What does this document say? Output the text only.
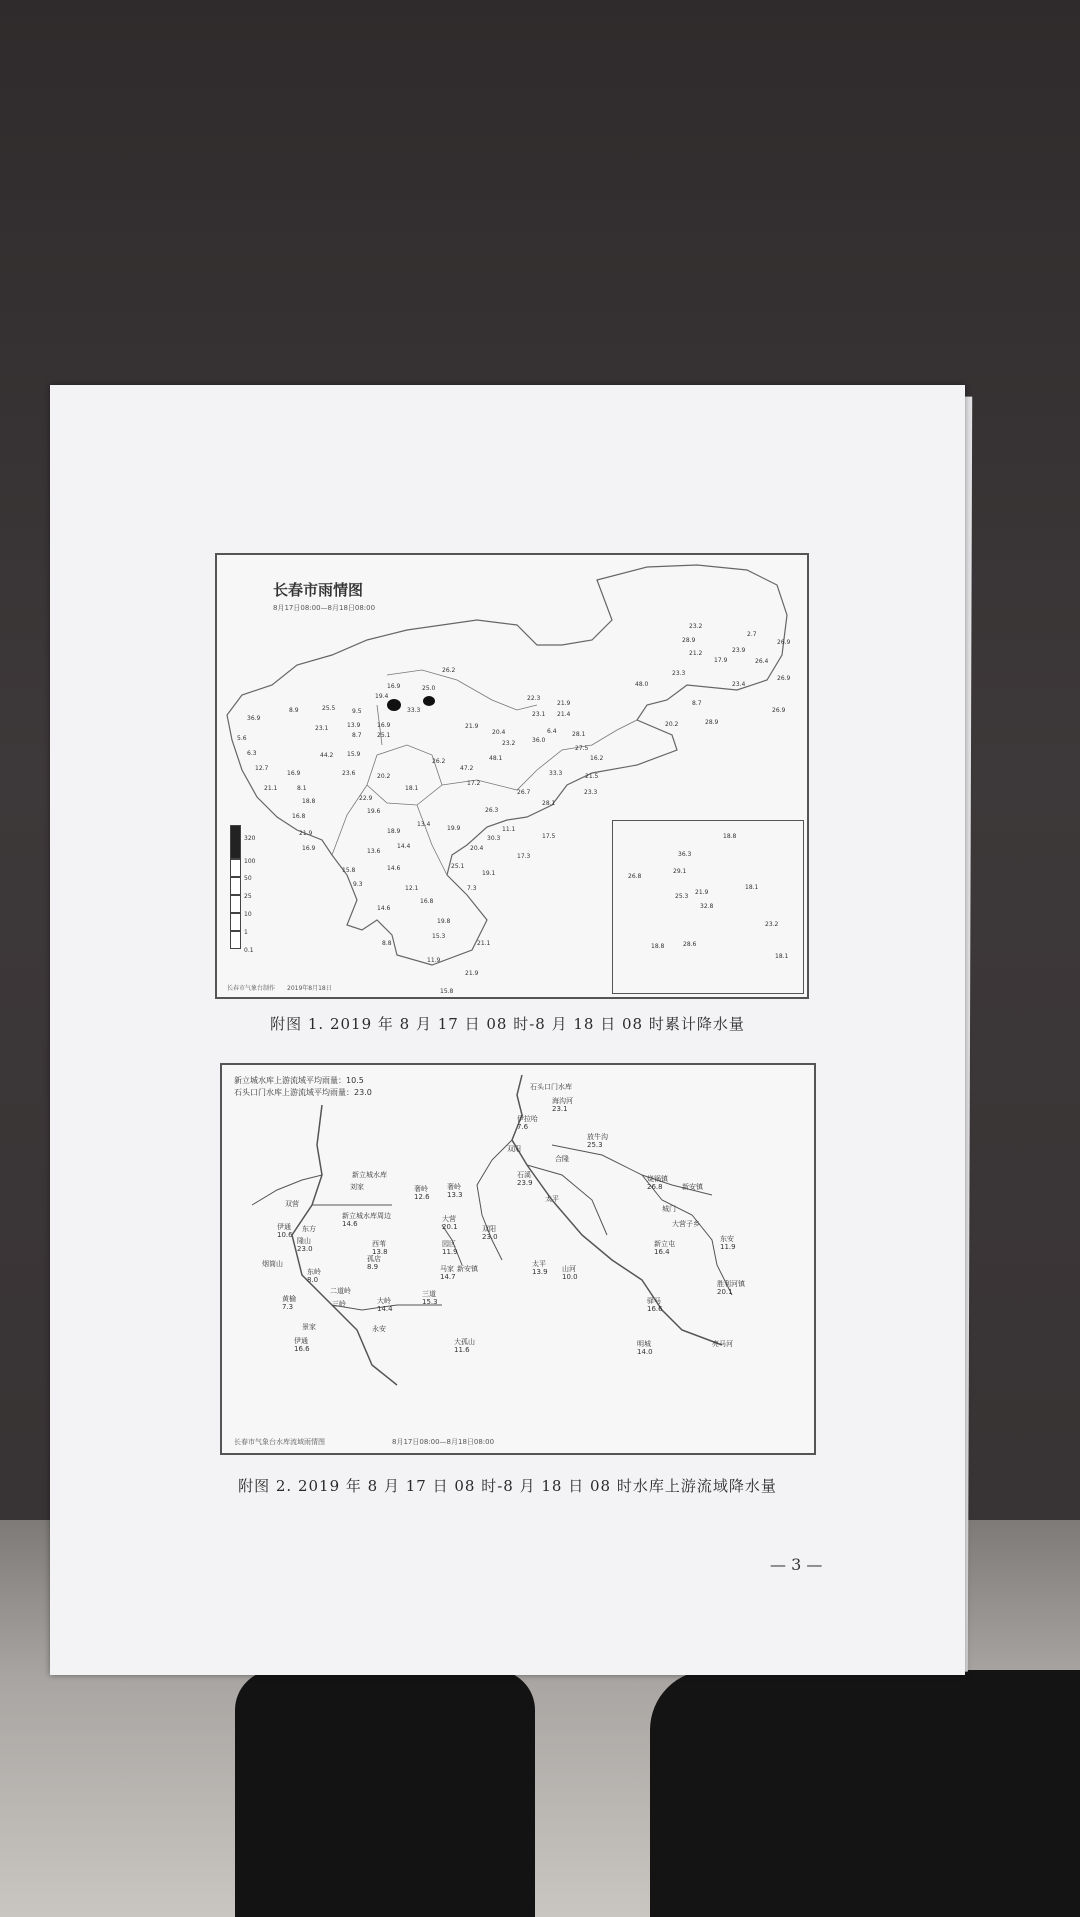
长春市雨情图
8月17日08:00—8月18日08:00
23.2
2.7
28.9	26.9
21.2	23.9
17.9	26.4
23.3
26.9
48.0	23.4
26.2
25.0
16.9
19.4	22.3
21.9	8.7
26.9
8.9	25.5	9.5	33.3
23.1 21.4
20.2	28.9
36.9
23.1	13.9	16.9	21.9
6.4	28.1
5.6	8.7	25.1	20.4
23.2	36.0
6.3	44.2 15.9
27.5
16.2
12.7
16.9	23.6	20.2
26.2
47.2
48.1
33.3	21.5
8.1	18.1
26.7	23.3
21.1
18.8	22.9
17.2
28.1
16.8
19.6	26.3
11.1
21.9	18.9
13.4
19.9
30.3	17.5
16.9	13.6
14.4	20.4
17.3
15.8	14.6	25.1
19.1
9.3
12.1	7.3
16.8
14.6
19.8
15.3
8.8	21.1
11.9
21.9
15.8
320
100
50
25
10
1
0.1
18.8
36.3
29.1
26.8
18.1
25.3
21.9
32.8
23.2
18.8	28.6
18.1
长春市气象台制作 2019年8月18日
附图 1. 2019 年 8 月 17 日 08 时-8 月 18 日 08 时累计降水量
新立城水库上游流域平均雨量：10.5
石头口门水库上游流域平均雨量：23.0
石头口门水库
海沟河
23.1
伊拉哈
7.6
放牛沟
25.3
双阳
合隆
新立城水库
奢岭
13.3
石溪
23.9	烧锅镇
26.8	新安镇
刘家	奢岭
12.6	太平
双营
新立城水库周边
14.6
大营
20.1
城门
大营子乡
伊通
10.6
东方
隆山
23.0
西苇
13.8
园区
11.9
双阳
23.0
新立屯
16.4
东安
11.9
烟筒山
东岭
8.0
孤店
8.9	马家
14.7
新安镇
太平
13.9 山河
10.0
二道岭	三道
15.3
黄榆
7.3	三岭	大岭
14.4
胜利河镇
20.1
驿马
16.6
景家
伊通
16.6
永安
大孤山
11.6
明城
14.0
亮马河
长春市气象台水库流域雨情图	8月17日08:00—8月18日08:00
附图 2. 2019 年 8 月 17 日 08 时-8 月 18 日 08 时水库上游流域降水量
— 3 —
